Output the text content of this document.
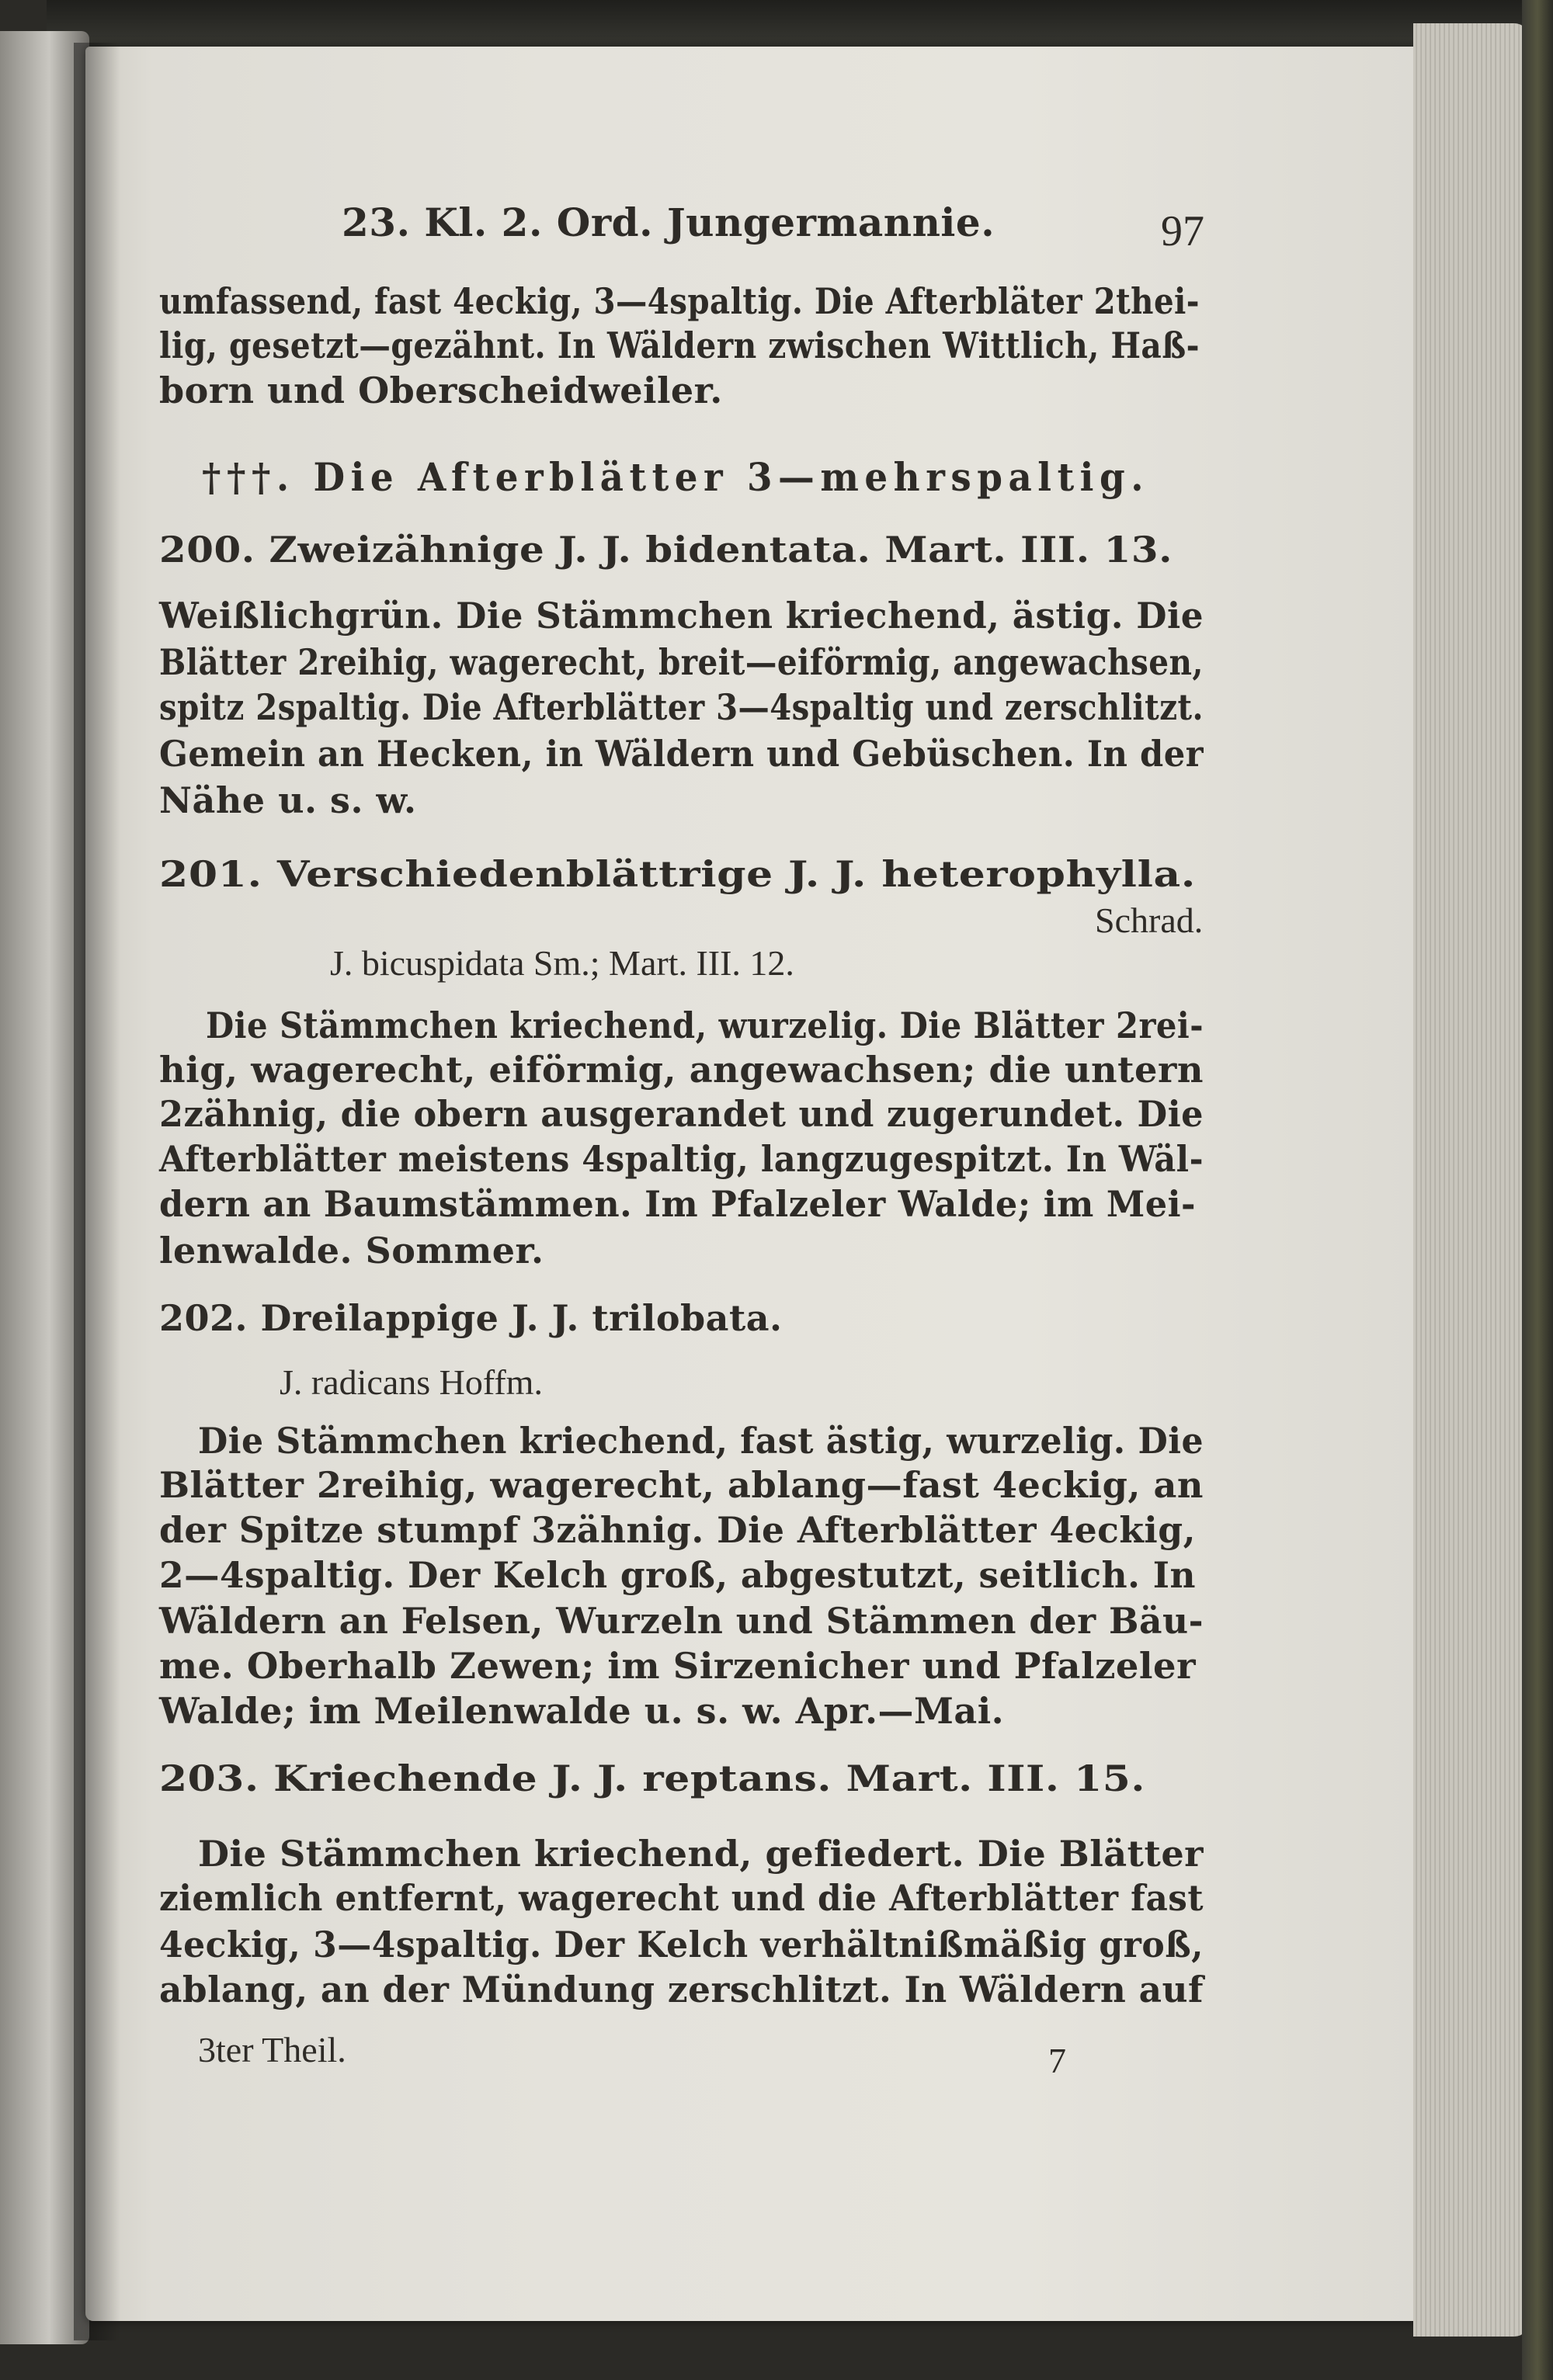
23. Kl. 2. Ord. Jungermannie.	97
umfassend, fast 4eckig, 3—4spaltig. Die Afterbläter 2thei-
lig, gesetzt—gezähnt. In Wäldern zwischen Wittlich, Haß-
born und Oberscheidweiler.
†††. Die Afterblätter 3—mehrspaltig.
200. Zweizähnige J. J. bidentata. Mart. III. 13.
Weißlichgrün. Die Stämmchen kriechend, ästig. Die
Blätter 2reihig, wagerecht, breit—eiförmig, angewachsen,
spitz 2spaltig. Die Afterblätter 3—4spaltig und zerschlitzt.
Gemein an Hecken, in Wäldern und Gebüschen. In der
Nähe u. s. w.
201. Verschiedenblättrige J. J. heterophylla.
Schrad.
J. bicuspidata Sm.; Mart. III. 12.
Die Stämmchen kriechend, wurzelig. Die Blätter 2rei-
hig, wagerecht, eiförmig, angewachsen; die untern
2zähnig, die obern ausgerandet und zugerundet. Die
Afterblätter meistens 4spaltig, langzugespitzt. In Wäl-
dern an Baumstämmen. Im Pfalzeler Walde; im Mei-
lenwalde. Sommer.
202. Dreilappige J. J. trilobata.
J. radicans Hoffm.
Die Stämmchen kriechend, fast ästig, wurzelig. Die
Blätter 2reihig, wagerecht, ablang—fast 4eckig, an
der Spitze stumpf 3zähnig. Die Afterblätter 4eckig,
2—4spaltig. Der Kelch groß, abgestutzt, seitlich. In
Wäldern an Felsen, Wurzeln und Stämmen der Bäu-
me. Oberhalb Zewen; im Sirzenicher und Pfalzeler
Walde; im Meilenwalde u. s. w. Apr.—Mai.
203. Kriechende J. J. reptans. Mart. III. 15.
Die Stämmchen kriechend, gefiedert. Die Blätter
ziemlich entfernt, wagerecht und die Afterblätter fast
4eckig, 3—4spaltig. Der Kelch verhältnißmäßig groß,
ablang, an der Mündung zerschlitzt. In Wäldern auf
3ter Theil.	7
